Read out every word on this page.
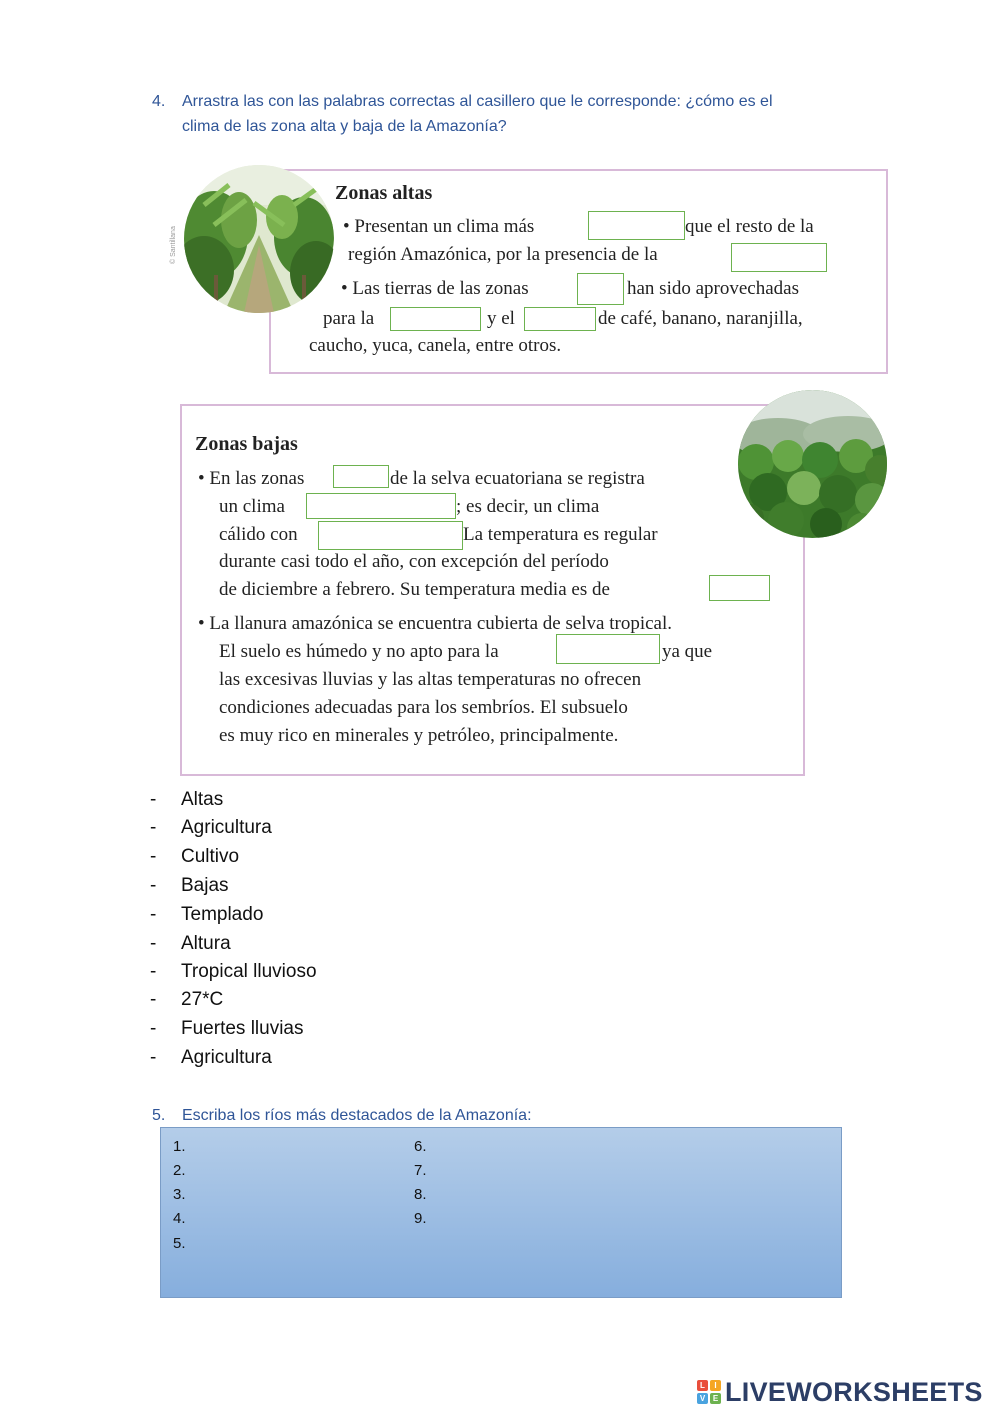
4. Arrastra las con las palabras correctas al casillero que le corresponde: ¿cómo es el
clima de las zona alta y baja de la Amazonía?
Zonas altas
• Presentan un clima más	que el resto de la
región Amazónica, por la presencia de la
• Las tierras de las zonas	han sido aprovechadas
para la	y el	de café, banano, naranjilla,
caucho, yuca, canela, entre otros.
© Santillana
Zonas bajas
• En las zonas	de la selva ecuatoriana se registra
un clima	; es decir, un clima
cálido con	La temperatura es regular
durante casi todo el año, con excepción del período
de diciembre a febrero. Su temperatura media es de
• La llanura amazónica se encuentra cubierta de selva tropical.
El suelo es húmedo y no apto para la	ya que
las excesivas lluvias y las altas temperaturas no ofrecen
condiciones adecuadas para los sembríos. El subsuelo
es muy rico en minerales y petróleo, principalmente.
- Altas
- Agricultura
- Cultivo
- Bajas
- Templado
- Altura
- Tropical lluvioso
- 27*C
- Fuertes lluvias
- Agricultura
5. Escriba los ríos más destacados de la Amazonía:
1.
2.
3.
4.
5.
6.
7.
8.
9.
L	I
V E LIVEWORKSHEETS
